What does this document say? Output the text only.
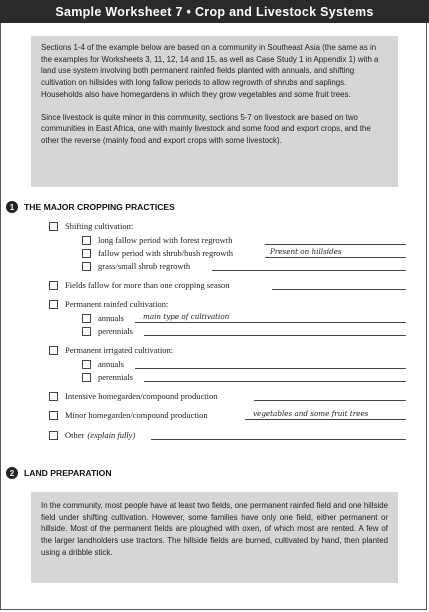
Sample Worksheet 7 • Crop and Livestock Systems

Sections 1-4 of the example below are based on a community in Southeast Asia (the same as in the examples for Worksheets 3, 11, 12, 14 and 15, as well as Case Study 1 in Appendix 1) with a land use system involving both permanent rainfed fields planted with annuals, and shifting cultivation on hillsides with long fallow periods to allow regrowth of shrubs and saplings. Households also have homegardens in which they grow vegetables and some fruit trees.

Since livestock is quite minor in this community, sections 5-7 on livestock are based on two communities in East Africa, one with mainly livestock and some food and export crops, and the other the reverse (mainly food and export crops with some livestock).

1	THE MAJOR CROPPING PRACTICES
Shifting cultivation:
long fallow period with forest regrowth
fallow period with shrub/bush regrowth	Present on hillsides
grass/small shrub regrowth
Fields fallow for more than one cropping season
Permanent rainfed cultivation:
annuals	main type of cultivation
perennials
Permanent irrigated cultivation:
annuals
perennials
Intensive homegarden/compound production
Minor homegarden/compound production	vegetables and some fruit trees
Other (explain fully)
2	LAND PREPARATION

In the community, most people have at least two fields, one permanent rainfed field and one hillside field under shifting cultivation. However, some families have only one field, either permanent or hillside. Most of the permanent fields are ploughed with oxen, of which most are rented. A few of the larger landholders use tractors. The hillside fields are burned, cultivated by hand, then planted using a dribble stick.
